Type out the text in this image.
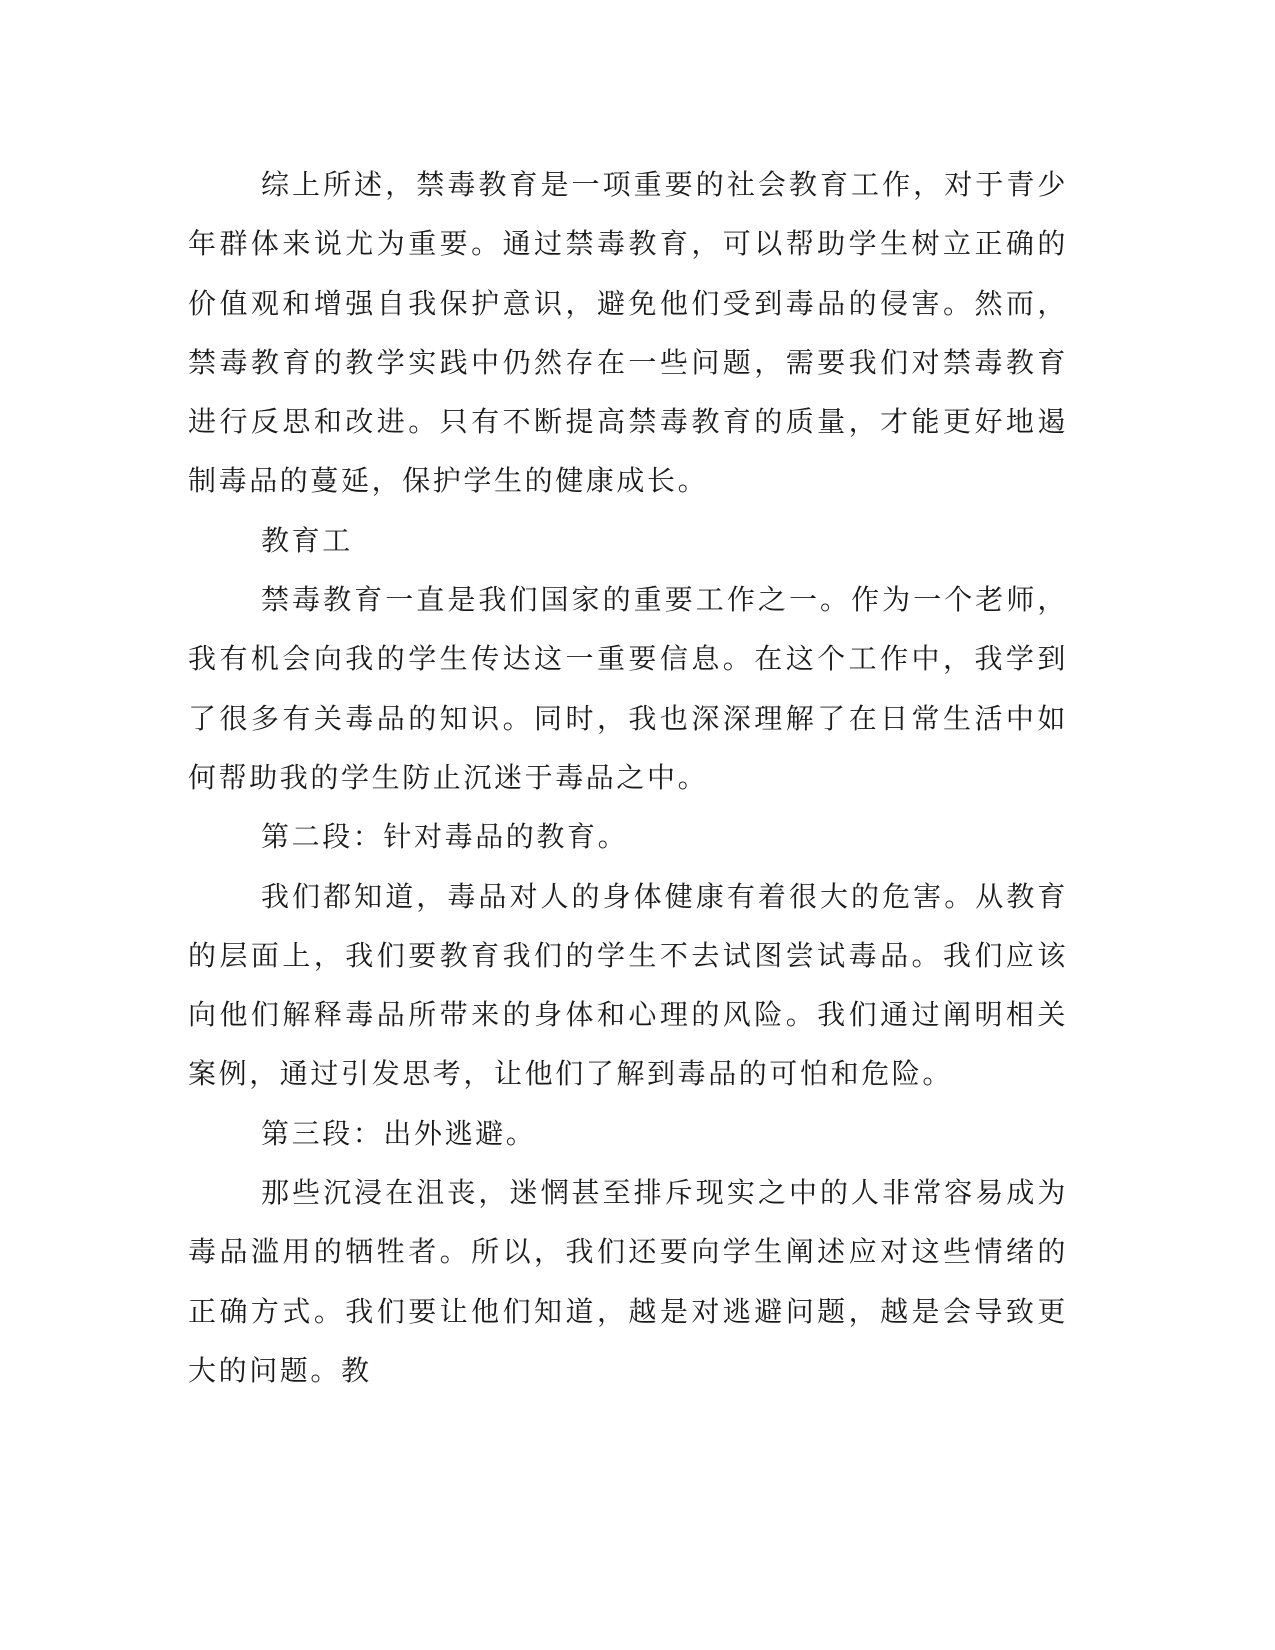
综上所述，禁毒教育是一项重要的社会教育工作，对于青少年群体来说尤为重要。通过禁毒教育，可以帮助学生树立正确的价值观和增强自我保护意识，避免他们受到毒品的侵害。然而，禁毒教育的教学实践中仍然存在一些问题，需要我们对禁毒教育进行反思和改进。只有不断提高禁毒教育的质量，才能更好地遏制毒品的蔓延，保护学生的健康成长。

教育工

禁毒教育一直是我们国家的重要工作之一。作为一个老师，我有机会向我的学生传达这一重要信息。在这个工作中，我学到了很多有关毒品的知识。同时，我也深深理解了在日常生活中如何帮助我的学生防止沉迷于毒品之中。

第二段：针对毒品的教育。

我们都知道，毒品对人的身体健康有着很大的危害。从教育的层面上，我们要教育我们的学生不去试图尝试毒品。我们应该向他们解释毒品所带来的身体和心理的风险。我们通过阐明相关案例，通过引发思考，让他们了解到毒品的可怕和危险。

第三段：出外逃避。

那些沉浸在沮丧，迷惘甚至排斥现实之中的人非常容易成为毒品滥用的牺牲者。所以，我们还要向学生阐述应对这些情绪的正确方式。我们要让他们知道，越是对逃避问题，越是会导致更大的问题。教
